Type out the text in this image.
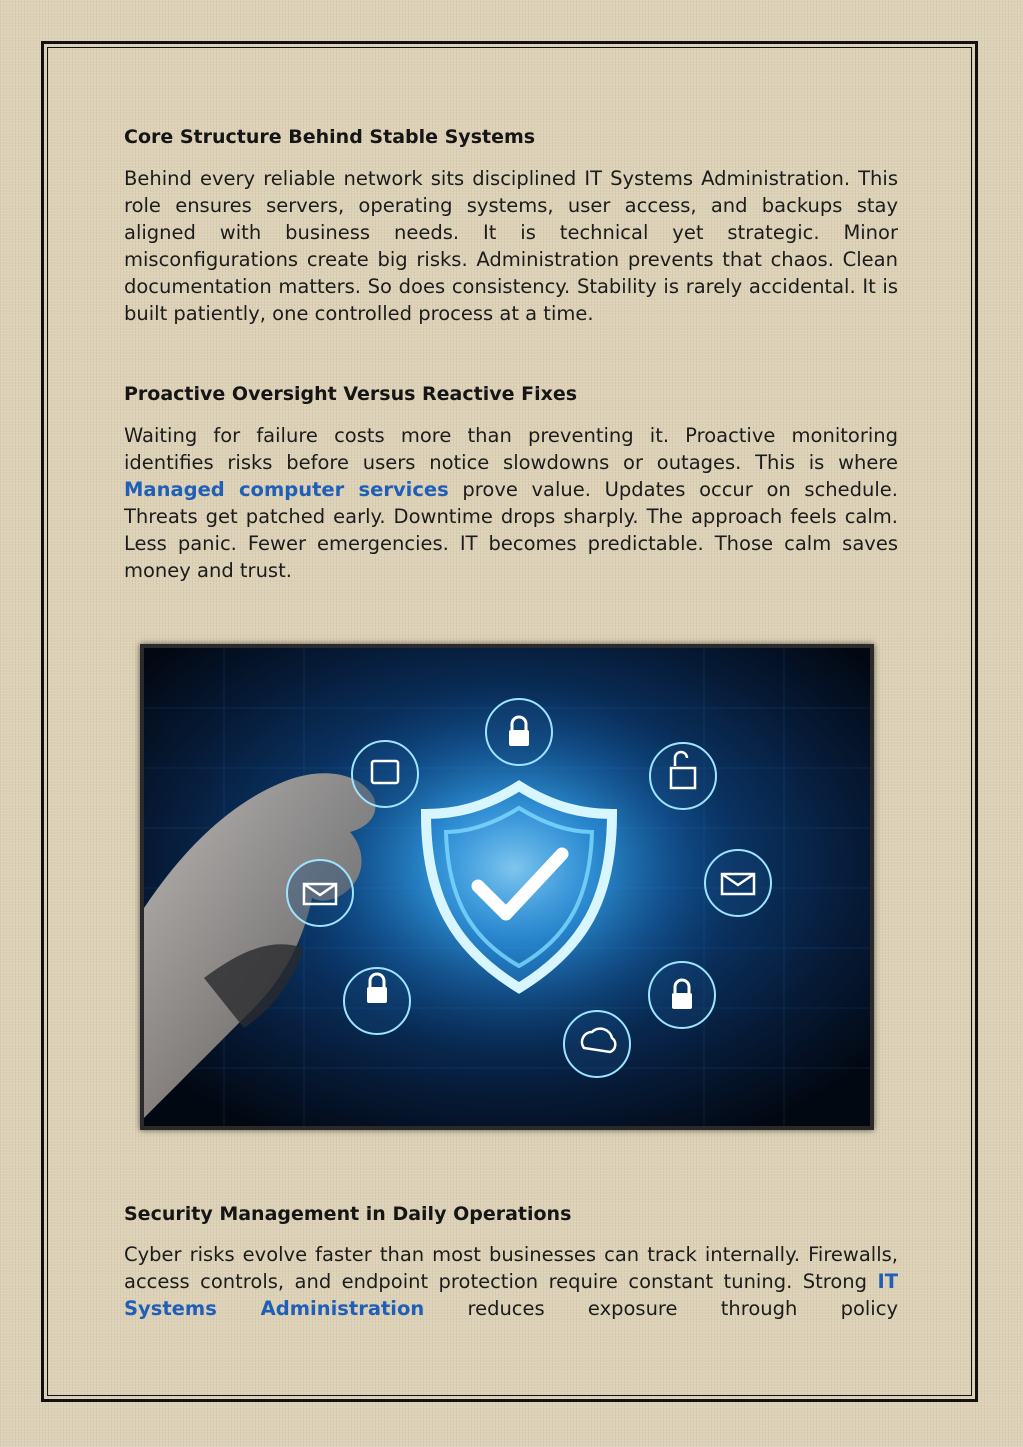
Core Structure Behind Stable Systems

Behind every reliable network sits disciplined IT Systems Administration. This role ensures servers, operating systems, user access, and backups stay aligned with business needs. It is technical yet strategic. Minor misconfigurations create big risks. Administration prevents that chaos. Clean documentation matters. So does consistency. Stability is rarely accidental. It is built patiently, one controlled process at a time.

Proactive Oversight Versus Reactive Fixes

Waiting for failure costs more than preventing it. Proactive monitoring identifies risks before users notice slowdowns or outages. This is where Managed computer services prove value. Updates occur on schedule. Threats get patched early. Downtime drops sharply. The approach feels calm. Less panic. Fewer emergencies. IT becomes predictable. Those calm saves money and trust.

Security Management in Daily Operations

Cyber risks evolve faster than most businesses can track internally. Firewalls, access controls, and endpoint protection require constant tuning. Strong IT Systems Administration reduces exposure through policy
